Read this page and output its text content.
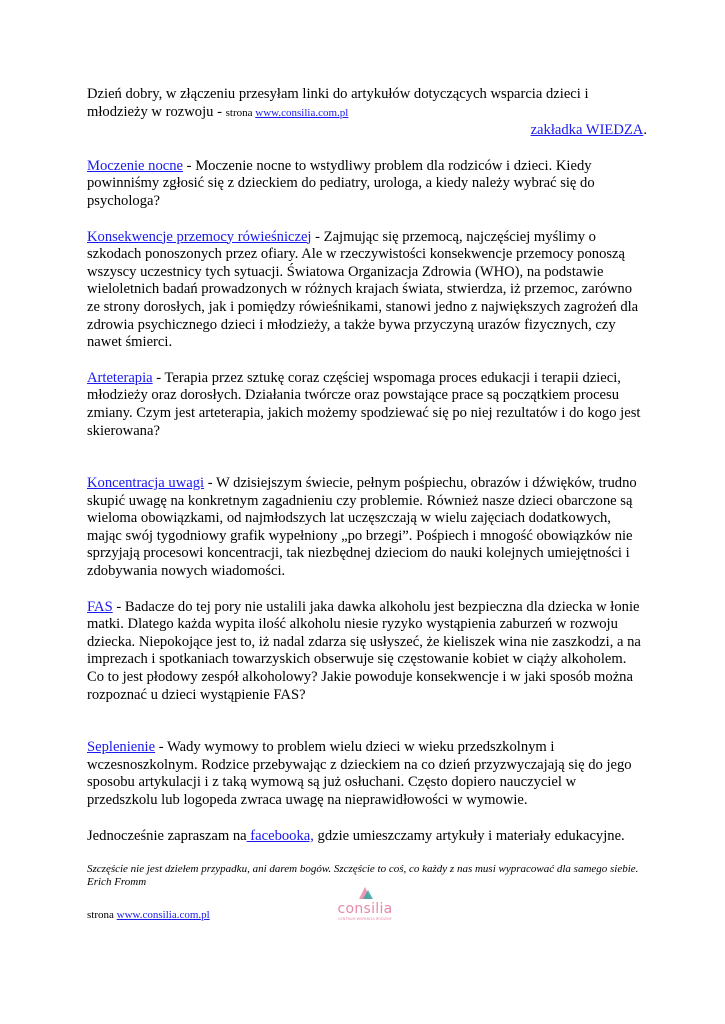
Dzień dobry, w złączeniu przesyłam linki do artykułów dotyczących wsparcia dzieci i młodzieży w rozwoju - strona www.consilia.com.pl

zakładka WIEDZA.

Moczenie nocne - Moczenie nocne to wstydliwy problem dla rodziców i dzieci. Kiedy powinniśmy zgłosić się z dzieckiem do pediatry, urologa, a kiedy należy wybrać się do psychologa?

Konsekwencje przemocy rówieśniczej - Zajmując się przemocą, najczęściej myślimy o szkodach ponoszonych przez ofiary. Ale w rzeczywistości konsekwencje przemocy ponoszą wszyscy uczestnicy tych sytuacji. Światowa Organizacja Zdrowia (WHO), na podstawie wieloletnich badań prowadzonych w różnych krajach świata, stwierdza, iż przemoc, zarówno ze strony dorosłych, jak i pomiędzy rówieśnikami, stanowi jedno z największych zagrożeń dla zdrowia psychicznego dzieci i młodzieży, a także bywa przyczyną urazów fizycznych, czy nawet śmierci.

Arteterapia - Terapia przez sztukę coraz częściej wspomaga proces edukacji i terapii dzieci, młodzieży oraz dorosłych. Działania twórcze oraz powstające prace są początkiem procesu zmiany. Czym jest arteterapia, jakich możemy spodziewać się po niej rezultatów i do kogo jest skierowana?

Koncentracja uwagi - W dzisiejszym świecie, pełnym pośpiechu, obrazów i dźwięków, trudno skupić uwagę na konkretnym zagadnieniu czy problemie. Również nasze dzieci obarczone są wieloma obowiązkami, od najmłodszych lat uczęszczają w wielu zajęciach dodatkowych, mając swój tygodniowy grafik wypełniony „po brzegi”. Pośpiech i mnogość obowiązków nie sprzyjają procesowi koncentracji, tak niezbędnej dzieciom do nauki kolejnych umiejętności i zdobywania nowych wiadomości.

FAS - Badacze do tej pory nie ustalili jaka dawka alkoholu jest bezpieczna dla dziecka w łonie matki. Dlatego każda wypita ilość alkoholu niesie ryzyko wystąpienia zaburzeń w rozwoju dziecka. Niepokojące jest to, iż nadal zdarza się usłyszeć, że kieliszek wina nie zaszkodzi, a na imprezach i spotkaniach towarzyskich obserwuje się częstowanie kobiet w ciąży alkoholem. Co to jest płodowy zespół alkoholowy? Jakie powoduje konsekwencje i w jaki sposób można rozpoznać u dzieci wystąpienie FAS?

Seplenienie - Wady wymowy to problem wielu dzieci w wieku przedszkolnym i wczesnoszkolnym. Rodzice przebywając z dzieckiem na co dzień przyzwyczajają się do jego sposobu artykulacji i z taką wymową są już osłuchani. Często dopiero nauczyciel w przedszkolu lub logopeda zwraca uwagę na nieprawidłowości w wymowie.

Jednocześnie zapraszam na facebooka, gdzie umieszczamy artykuły i materiały edukacyjne.

Szczęście nie jest dziełem przypadku, ani darem bogów. Szczęście to coś, co każdy z nas musi wypracować dla samego siebie.

Erich Fromm

strona www.consilia.com.pl	consilia
CENTRUM WSPARCIA RODZINY
